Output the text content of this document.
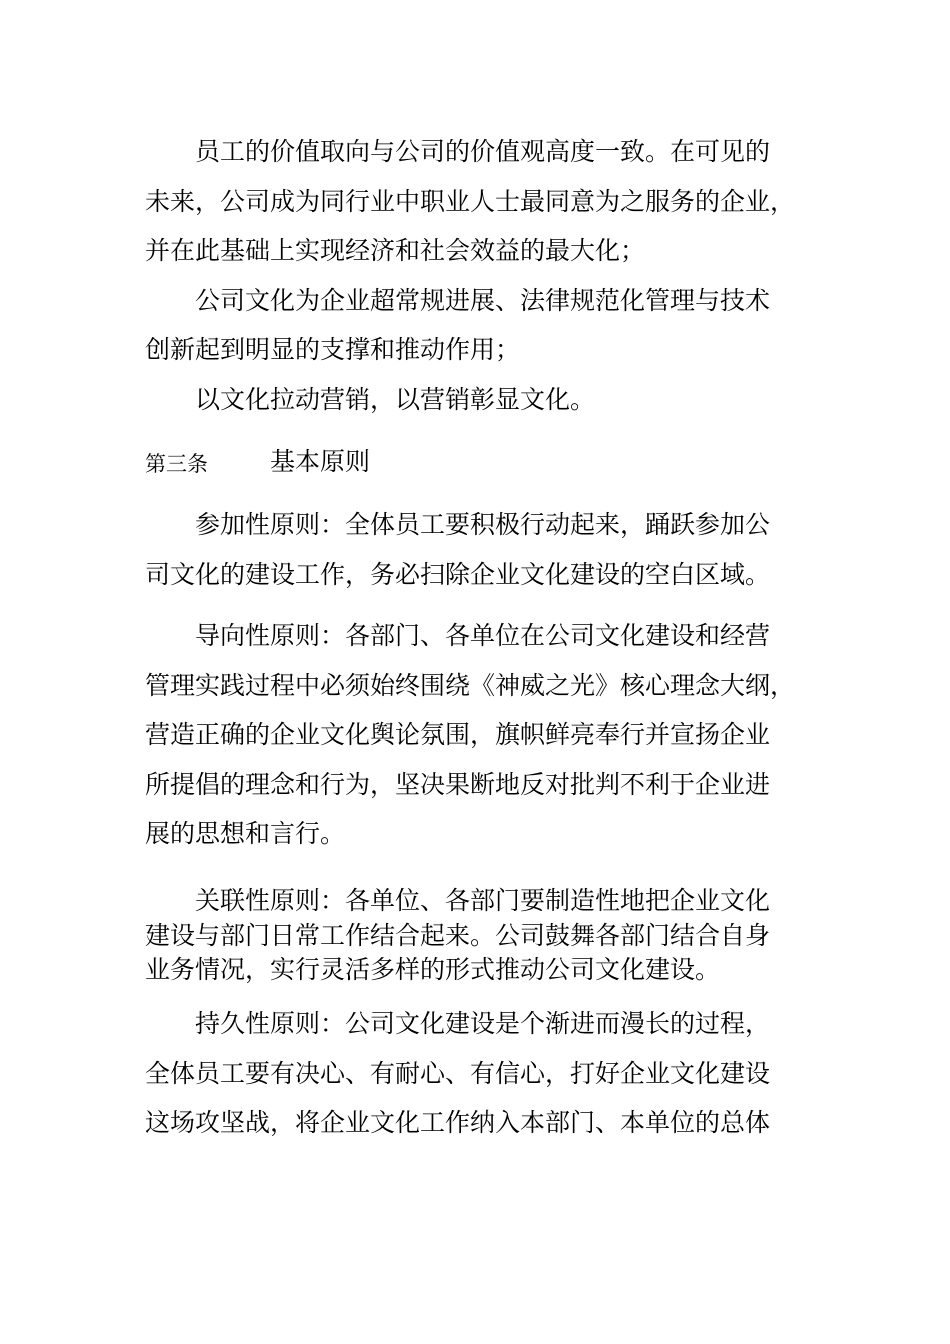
员工的价值取向与公司的价值观高度一致。在可见的
未来，公司成为同行业中职业人士最同意为之服务的企业，
并在此基础上实现经济和社会效益的最大化；
公司文化为企业超常规进展、法律规范化管理与技术
创新起到明显的支撑和推动作用；
以文化拉动营销，以营销彰显文化。
第三条 基本原则
参加性原则：全体员工要积极行动起来，踊跃参加公
司文化的建设工作，务必扫除企业文化建设的空白区域。
导向性原则：各部门、各单位在公司文化建设和经营
管理实践过程中必须始终围绕《神威之光》核心理念大纲，
营造正确的企业文化舆论氛围，旗帜鲜亮奉行并宣扬企业
所提倡的理念和行为，坚决果断地反对批判不利于企业进
展的思想和言行。
关联性原则：各单位、各部门要制造性地把企业文化
建设与部门日常工作结合起来。公司鼓舞各部门结合自身
业务情况，实行灵活多样的形式推动公司文化建设。
持久性原则：公司文化建设是个渐进而漫长的过程，
全体员工要有决心、有耐心、有信心，打好企业文化建设
这场攻坚战，将企业文化工作纳入本部门、本单位的总体
